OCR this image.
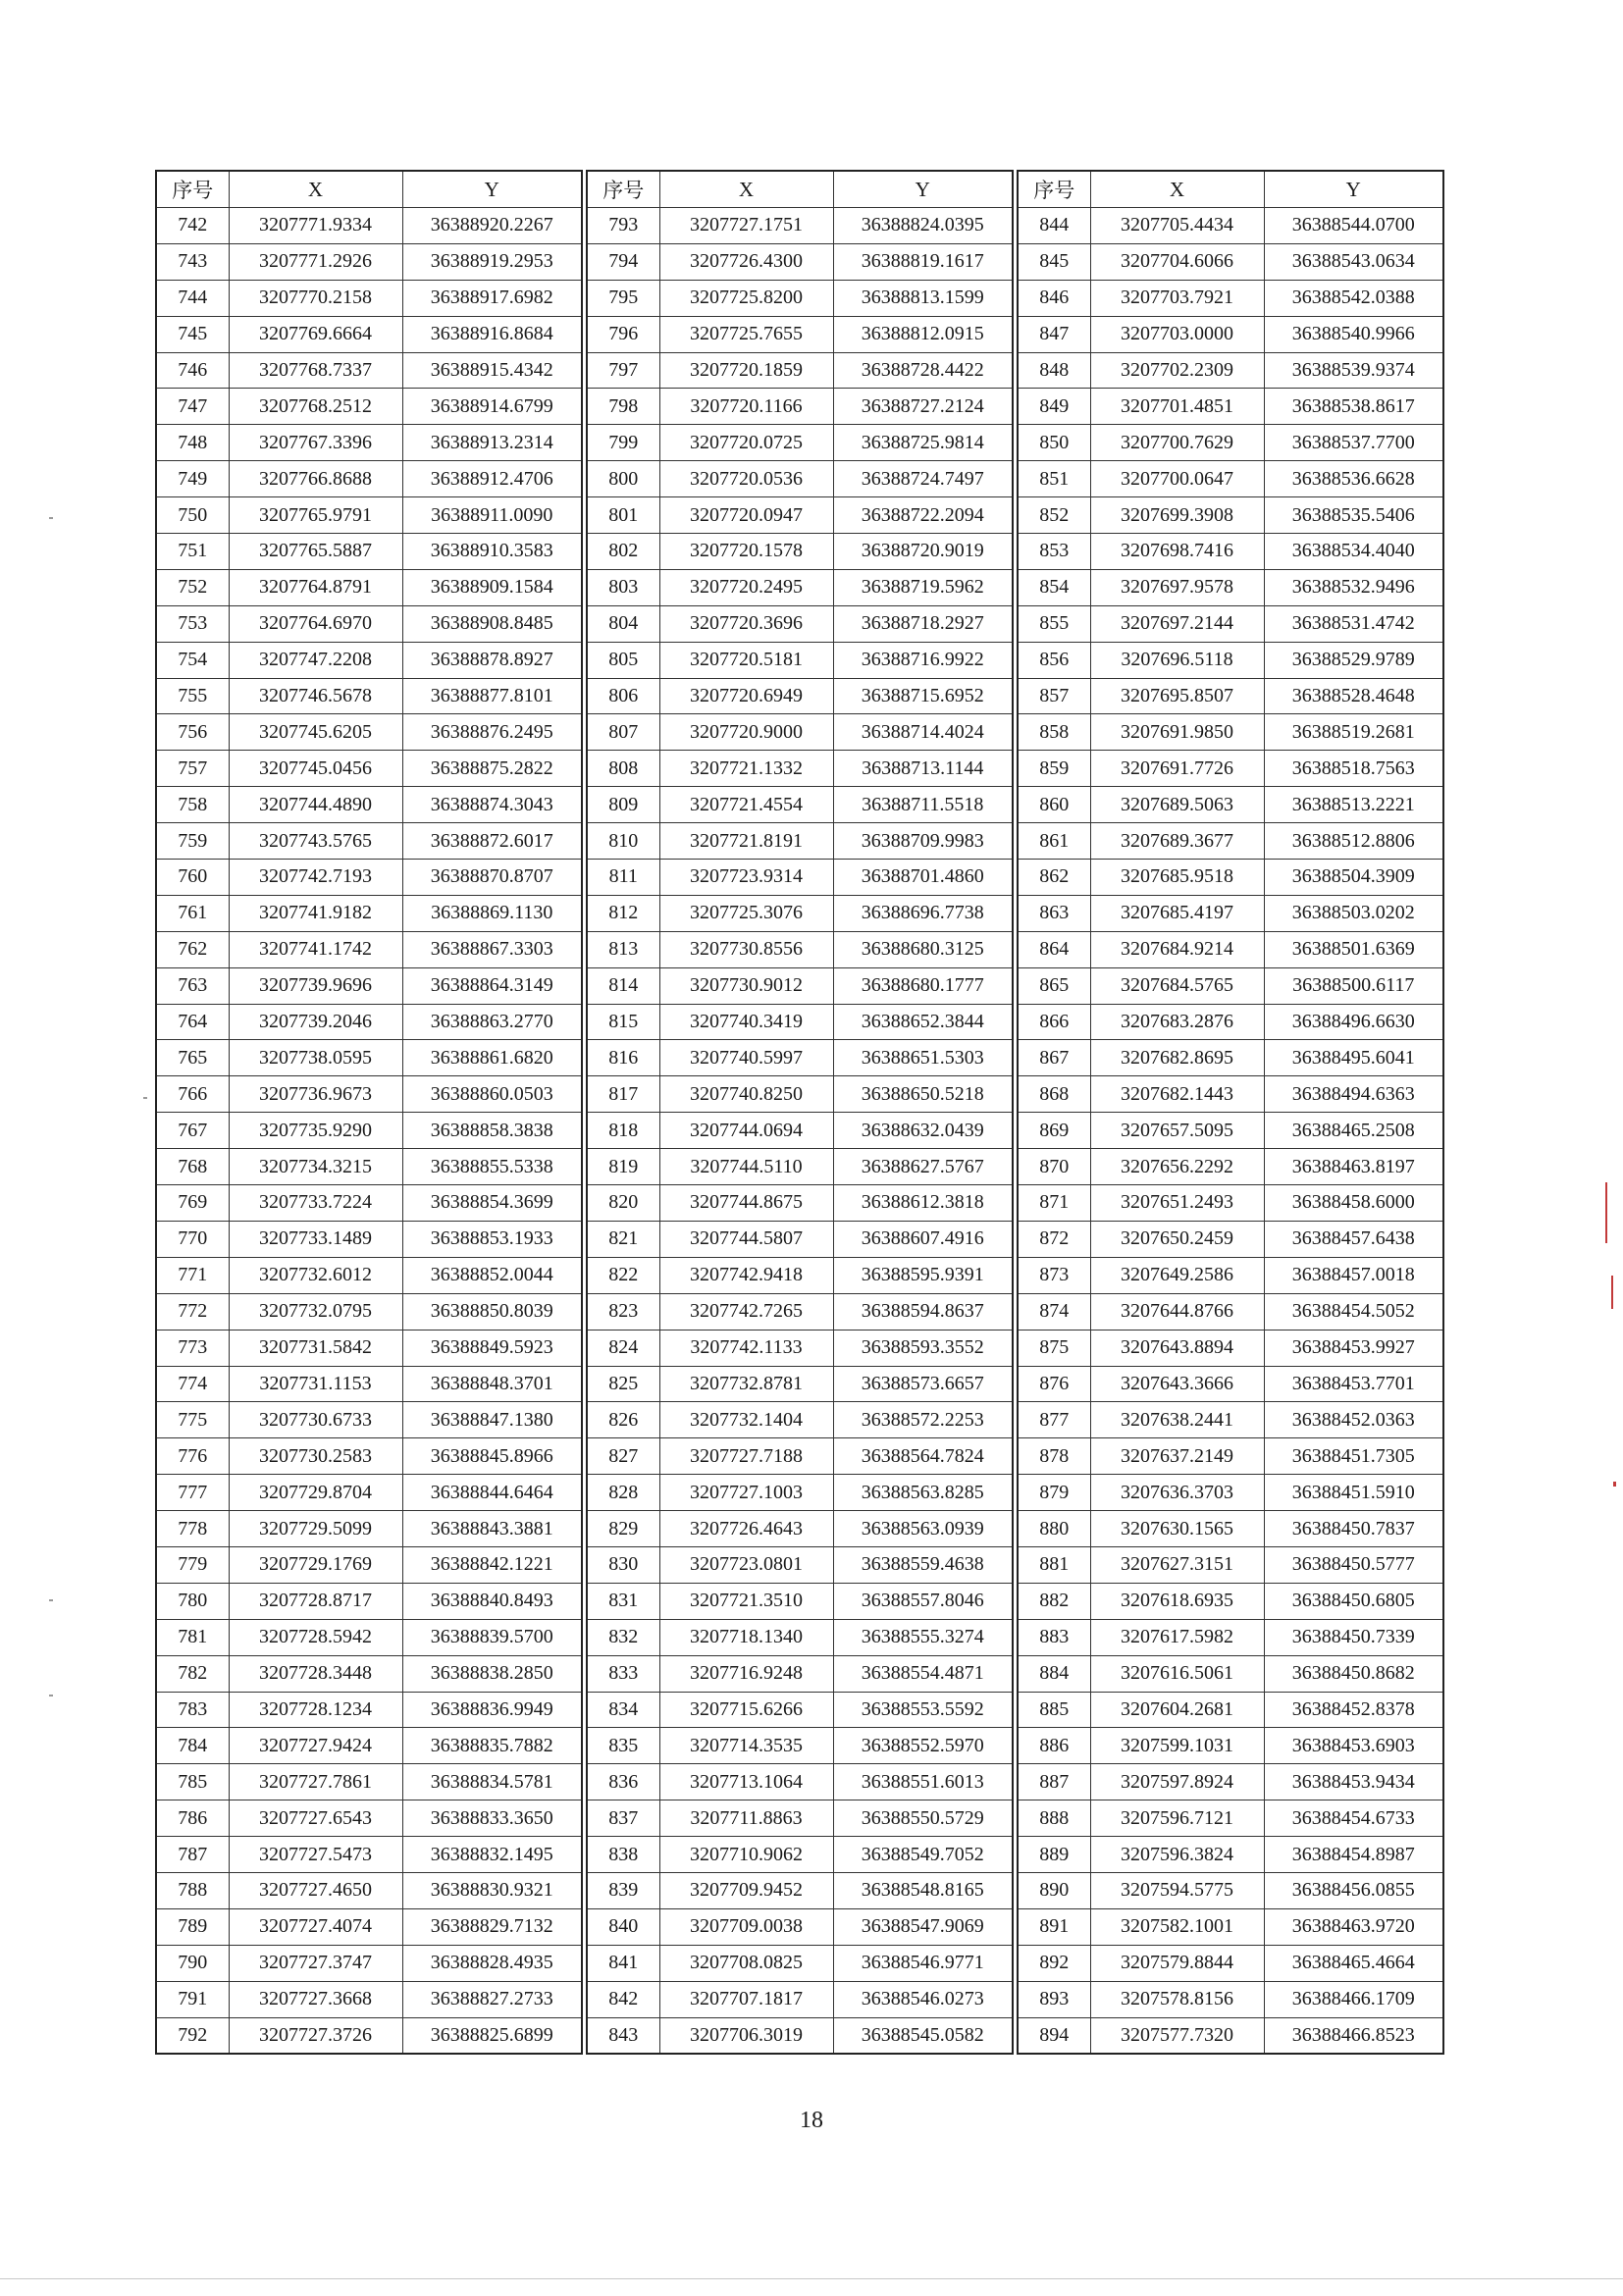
序号	X	Y
742	3207771.9334	36388920.2267
743	3207771.2926	36388919.2953
744	3207770.2158	36388917.6982
745	3207769.6664	36388916.8684
746	3207768.7337	36388915.4342
747	3207768.2512	36388914.6799
748	3207767.3396	36388913.2314
749	3207766.8688	36388912.4706
750	3207765.9791	36388911.0090
751	3207765.5887	36388910.3583
752	3207764.8791	36388909.1584
753	3207764.6970	36388908.8485
754	3207747.2208	36388878.8927
755	3207746.5678	36388877.8101
756	3207745.6205	36388876.2495
757	3207745.0456	36388875.2822
758	3207744.4890	36388874.3043
759	3207743.5765	36388872.6017
760	3207742.7193	36388870.8707
761	3207741.9182	36388869.1130
762	3207741.1742	36388867.3303
763	3207739.9696	36388864.3149
764	3207739.2046	36388863.2770
765	3207738.0595	36388861.6820
766	3207736.9673	36388860.0503
767	3207735.9290	36388858.3838
768	3207734.3215	36388855.5338
769	3207733.7224	36388854.3699
770	3207733.1489	36388853.1933
771	3207732.6012	36388852.0044
772	3207732.0795	36388850.8039
773	3207731.5842	36388849.5923
774	3207731.1153	36388848.3701
775	3207730.6733	36388847.1380
776	3207730.2583	36388845.8966
777	3207729.8704	36388844.6464
778	3207729.5099	36388843.3881
779	3207729.1769	36388842.1221
780	3207728.8717	36388840.8493
781	3207728.5942	36388839.5700
782	3207728.3448	36388838.2850
783	3207728.1234	36388836.9949
784	3207727.9424	36388835.7882
785	3207727.7861	36388834.5781
786	3207727.6543	36388833.3650
787	3207727.5473	36388832.1495
788	3207727.4650	36388830.9321
789	3207727.4074	36388829.7132
790	3207727.3747	36388828.4935
791	3207727.3668	36388827.2733
792	3207727.3726	36388825.6899
序号	X	Y
793	3207727.1751	36388824.0395
794	3207726.4300	36388819.1617
795	3207725.8200	36388813.1599
796	3207725.7655	36388812.0915
797	3207720.1859	36388728.4422
798	3207720.1166	36388727.2124
799	3207720.0725	36388725.9814
800	3207720.0536	36388724.7497
801	3207720.0947	36388722.2094
802	3207720.1578	36388720.9019
803	3207720.2495	36388719.5962
804	3207720.3696	36388718.2927
805	3207720.5181	36388716.9922
806	3207720.6949	36388715.6952
807	3207720.9000	36388714.4024
808	3207721.1332	36388713.1144
809	3207721.4554	36388711.5518
810	3207721.8191	36388709.9983
811	3207723.9314	36388701.4860
812	3207725.3076	36388696.7738
813	3207730.8556	36388680.3125
814	3207730.9012	36388680.1777
815	3207740.3419	36388652.3844
816	3207740.5997	36388651.5303
817	3207740.8250	36388650.5218
818	3207744.0694	36388632.0439
819	3207744.5110	36388627.5767
820	3207744.8675	36388612.3818
821	3207744.5807	36388607.4916
822	3207742.9418	36388595.9391
823	3207742.7265	36388594.8637
824	3207742.1133	36388593.3552
825	3207732.8781	36388573.6657
826	3207732.1404	36388572.2253
827	3207727.7188	36388564.7824
828	3207727.1003	36388563.8285
829	3207726.4643	36388563.0939
830	3207723.0801	36388559.4638
831	3207721.3510	36388557.8046
832	3207718.1340	36388555.3274
833	3207716.9248	36388554.4871
834	3207715.6266	36388553.5592
835	3207714.3535	36388552.5970
836	3207713.1064	36388551.6013
837	3207711.8863	36388550.5729
838	3207710.9062	36388549.7052
839	3207709.9452	36388548.8165
840	3207709.0038	36388547.9069
841	3207708.0825	36388546.9771
842	3207707.1817	36388546.0273
843	3207706.3019	36388545.0582
序号	X	Y
844	3207705.4434	36388544.0700
845	3207704.6066	36388543.0634
846	3207703.7921	36388542.0388
847	3207703.0000	36388540.9966
848	3207702.2309	36388539.9374
849	3207701.4851	36388538.8617
850	3207700.7629	36388537.7700
851	3207700.0647	36388536.6628
852	3207699.3908	36388535.5406
853	3207698.7416	36388534.4040
854	3207697.9578	36388532.9496
855	3207697.2144	36388531.4742
856	3207696.5118	36388529.9789
857	3207695.8507	36388528.4648
858	3207691.9850	36388519.2681
859	3207691.7726	36388518.7563
860	3207689.5063	36388513.2221
861	3207689.3677	36388512.8806
862	3207685.9518	36388504.3909
863	3207685.4197	36388503.0202
864	3207684.9214	36388501.6369
865	3207684.5765	36388500.6117
866	3207683.2876	36388496.6630
867	3207682.8695	36388495.6041
868	3207682.1443	36388494.6363
869	3207657.5095	36388465.2508
870	3207656.2292	36388463.8197
871	3207651.2493	36388458.6000
872	3207650.2459	36388457.6438
873	3207649.2586	36388457.0018
874	3207644.8766	36388454.5052
875	3207643.8894	36388453.9927
876	3207643.3666	36388453.7701
877	3207638.2441	36388452.0363
878	3207637.2149	36388451.7305
879	3207636.3703	36388451.5910
880	3207630.1565	36388450.7837
881	3207627.3151	36388450.5777
882	3207618.6935	36388450.6805
883	3207617.5982	36388450.7339
884	3207616.5061	36388450.8682
885	3207604.2681	36388452.8378
886	3207599.1031	36388453.6903
887	3207597.8924	36388453.9434
888	3207596.7121	36388454.6733
889	3207596.3824	36388454.8987
890	3207594.5775	36388456.0855
891	3207582.1001	36388463.9720
892	3207579.8844	36388465.4664
893	3207578.8156	36388466.1709
894	3207577.7320	36388466.8523
18
